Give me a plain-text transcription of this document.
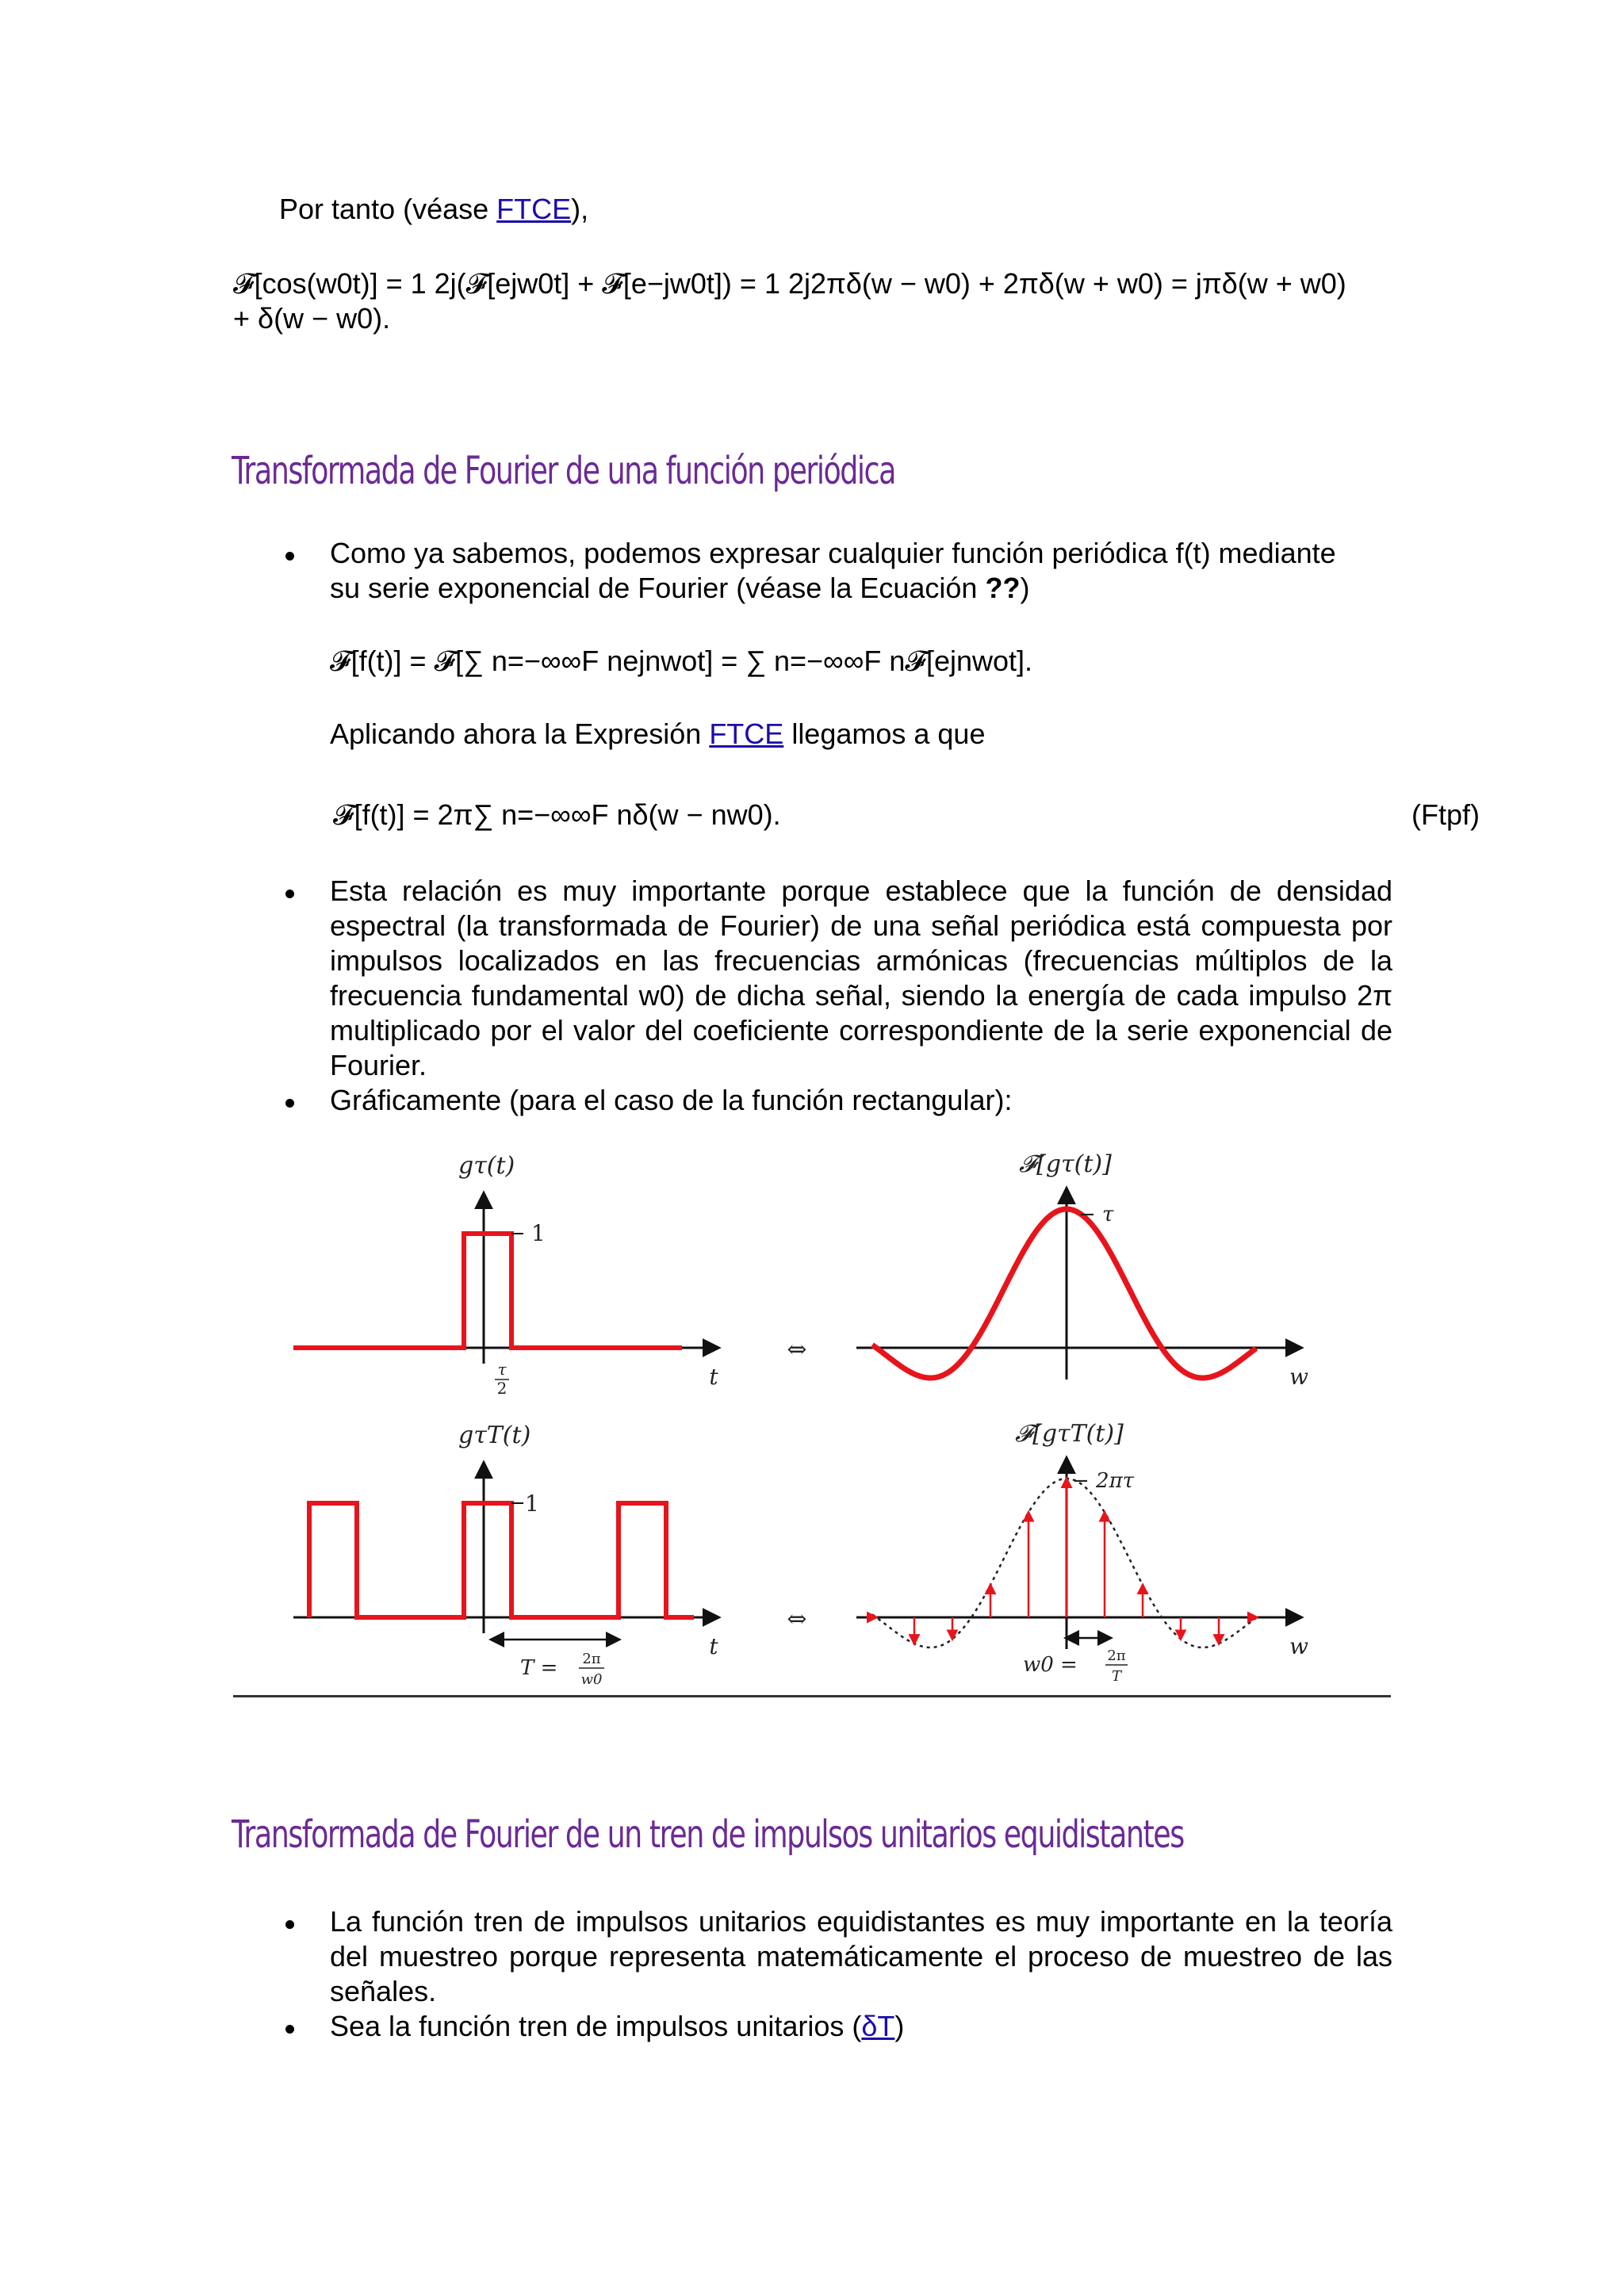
Por tanto (véase FTCE),
𝓕[cos(w0t)] = 1 2j(𝓕[ejw0t] + 𝓕[e−jw0t]) = 1 2j2πδ(w − w0) + 2πδ(w + w0) = jπδ(w + w0)
+ δ(w − w0).
Transformada de Fourier de una función periódica
Como ya sabemos, podemos expresar cualquier función periódica f(t) mediante
su serie exponencial de Fourier (véase la Ecuación ??)
𝓕[f(t)] = 𝓕[∑ n=−∞∞F nejnwot] = ∑ n=−∞∞F n𝓕[ejnwot].
Aplicando ahora la Expresión FTCE llegamos a que
𝓕[f(t)] = 2π∑ n=−∞∞F nδ(w − nw0).	(Ftpf)
Esta relación es muy importante porque establece que la función de densidad espectral (la transformada de Fourier) de una señal periódica está compuesta por impulsos localizados en las frecuencias armónicas (frecuencias múltiplos de la frecuencia fundamental w0) de dicha señal, siendo la energía de cada impulso 2π multiplicado por el valor del coeficiente correspondiente de la serie exponencial de Fourier.
Gráficamente (para el caso de la función rectangular):
1
gτ(t)
τ
2	t
⇔
𝓕[gτ(t)]
− τ
w
1
gτT(t)
T = 2π
w0
t
⇔
𝓕[gτT(t)]
− 2πτ
w0 = 2π
T
w
Transformada de Fourier de un tren de impulsos unitarios equidistantes
La función tren de impulsos unitarios equidistantes es muy importante en la teoría del muestreo porque representa matemáticamente el proceso de muestreo de las señales.
Sea la función tren de impulsos unitarios (δT)
